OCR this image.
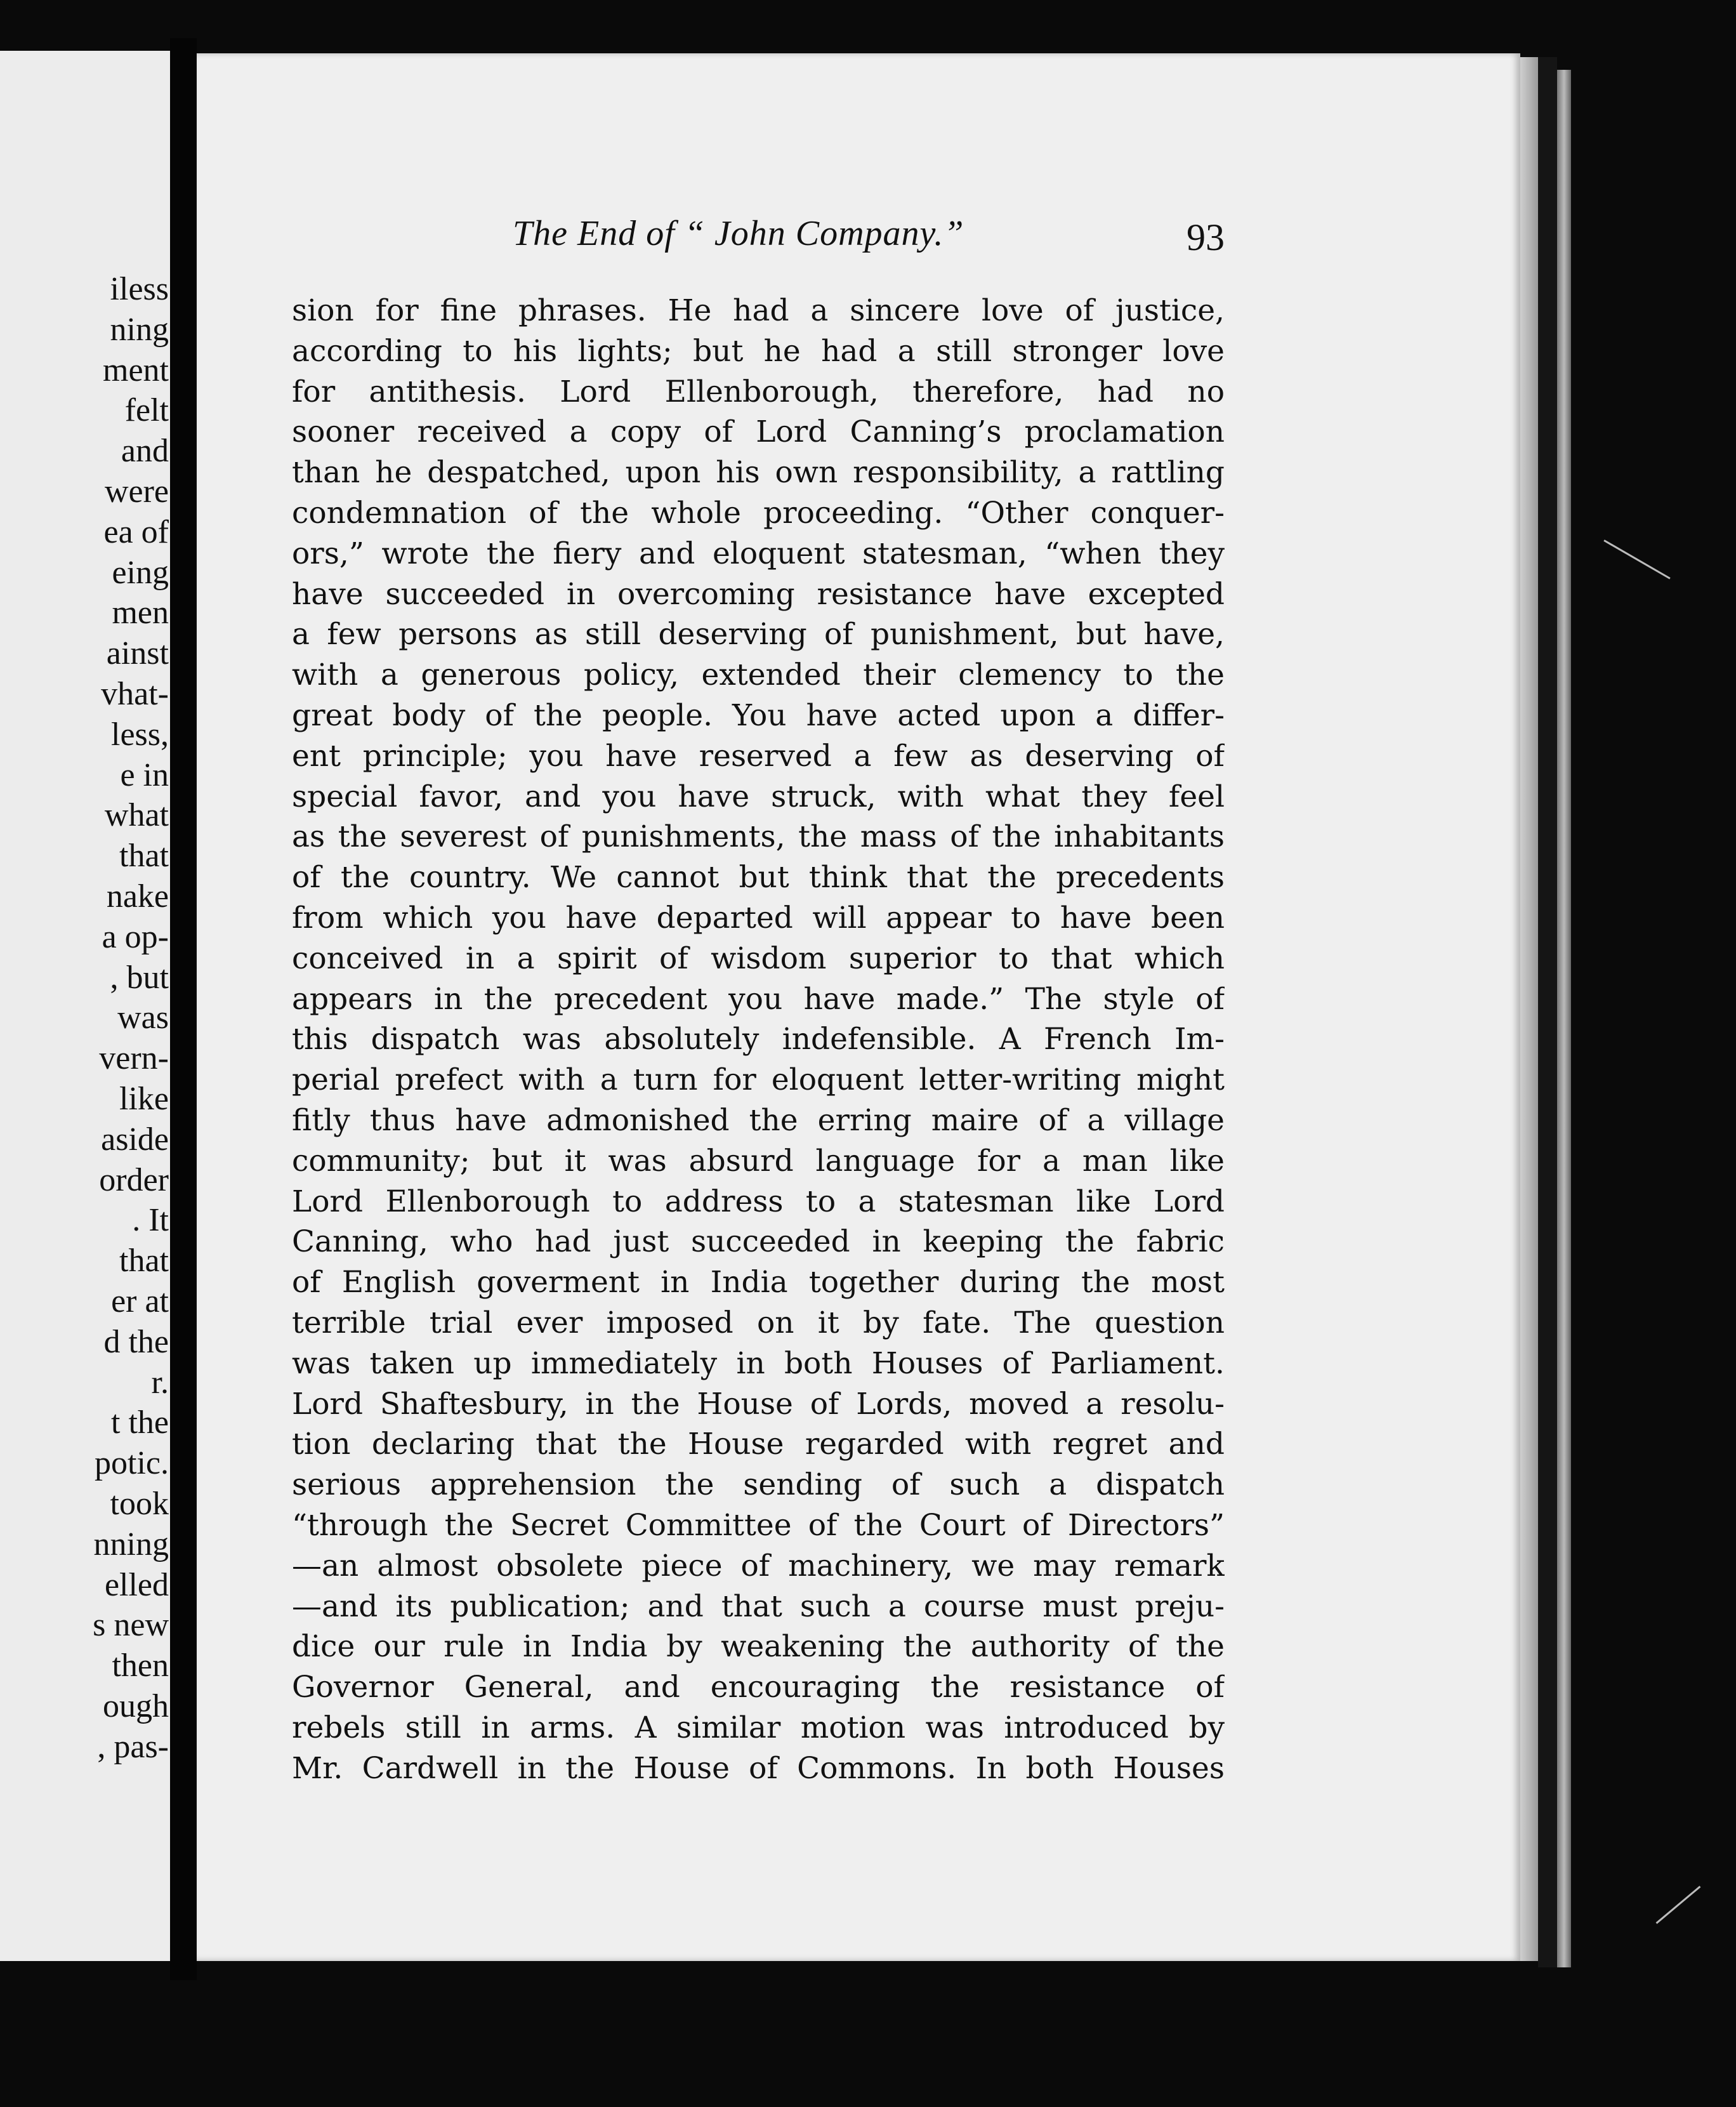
iless
ning
ment
felt
and
were
ea of
eing
men
ainst
vhat-
less,
e in
what
that
nake
a op-
, but
was
vern-
like
aside
order
. It
that
er at
d the
r.
t the
potic.
took
nning
elled
s new
then
ough
, pas-
The End of “ John Company.”	93
sion for fine phrases. He had a sincere love of justice,
according to his lights; but he had a still stronger love
for antithesis. Lord Ellenborough, therefore, had no
sooner received a copy of Lord Canning’s proclamation
than he despatched, upon his own responsibility, a rattling
condemnation of the whole proceeding. “Other conquer-
ors,” wrote the fiery and eloquent statesman, “when they
have succeeded in overcoming resistance have excepted
a few persons as still deserving of punishment, but have,
with a generous policy, extended their clemency to the
great body of the people. You have acted upon a differ-
ent principle; you have reserved a few as deserving of
special favor, and you have struck, with what they feel
as the severest of punishments, the mass of the inhabitants
of the country. We cannot but think that the precedents
from which you have departed will appear to have been
conceived in a spirit of wisdom superior to that which
appears in the precedent you have made.” The style of
this dispatch was absolutely indefensible. A French Im-
perial prefect with a turn for eloquent letter-writing might
fitly thus have admonished the erring maire of a village
community; but it was absurd language for a man like
Lord Ellenborough to address to a statesman like Lord
Canning, who had just succeeded in keeping the fabric
of English goverment in India together during the most
terrible trial ever imposed on it by fate. The question
was taken up immediately in both Houses of Parliament.
Lord Shaftesbury, in the House of Lords, moved a resolu-
tion declaring that the House regarded with regret and
serious apprehension the sending of such a dispatch
“through the Secret Committee of the Court of Directors”
—an almost obsolete piece of machinery, we may remark
—and its publication; and that such a course must preju-
dice our rule in India by weakening the authority of the
Governor General, and encouraging the resistance of
rebels still in arms. A similar motion was introduced by
Mr. Cardwell in the House of Commons. In both Houses
